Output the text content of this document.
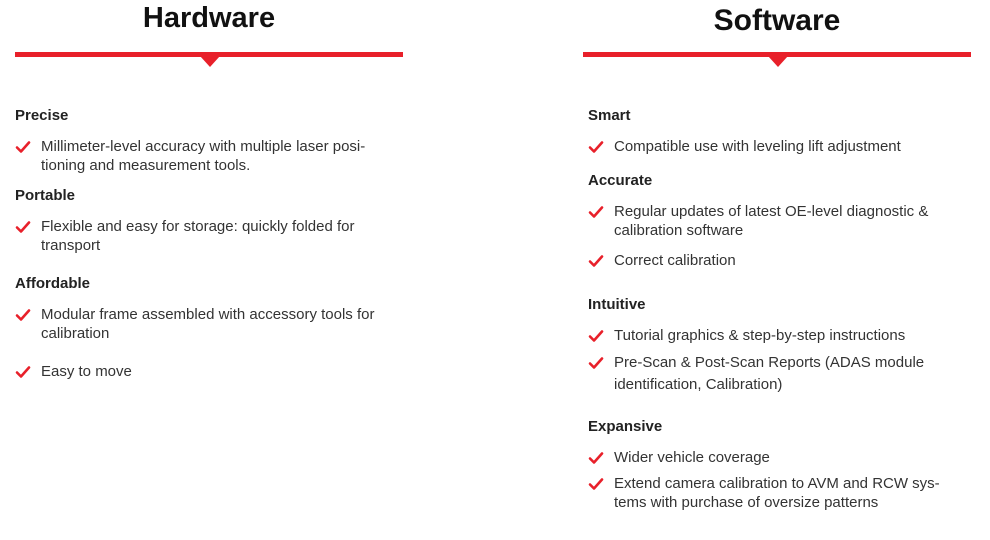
Hardware
Precise
Millimeter-level accuracy with multiple laser posi-
tioning and measurement tools.
Portable
Flexible and easy for storage: quickly folded for
transport
Affordable
Modular frame assembled with accessory tools for
calibration
Easy to move
Software
Smart
Compatible use with leveling lift adjustment
Accurate
Regular updates of latest OE-level diagnostic &
calibration software
Correct calibration
Intuitive
Tutorial graphics & step-by-step instructions
Pre-Scan & Post-Scan Reports (ADAS module
identification, Calibration)
Expansive
Wider vehicle coverage
Extend camera calibration to AVM and RCW sys-
tems with purchase of oversize patterns
